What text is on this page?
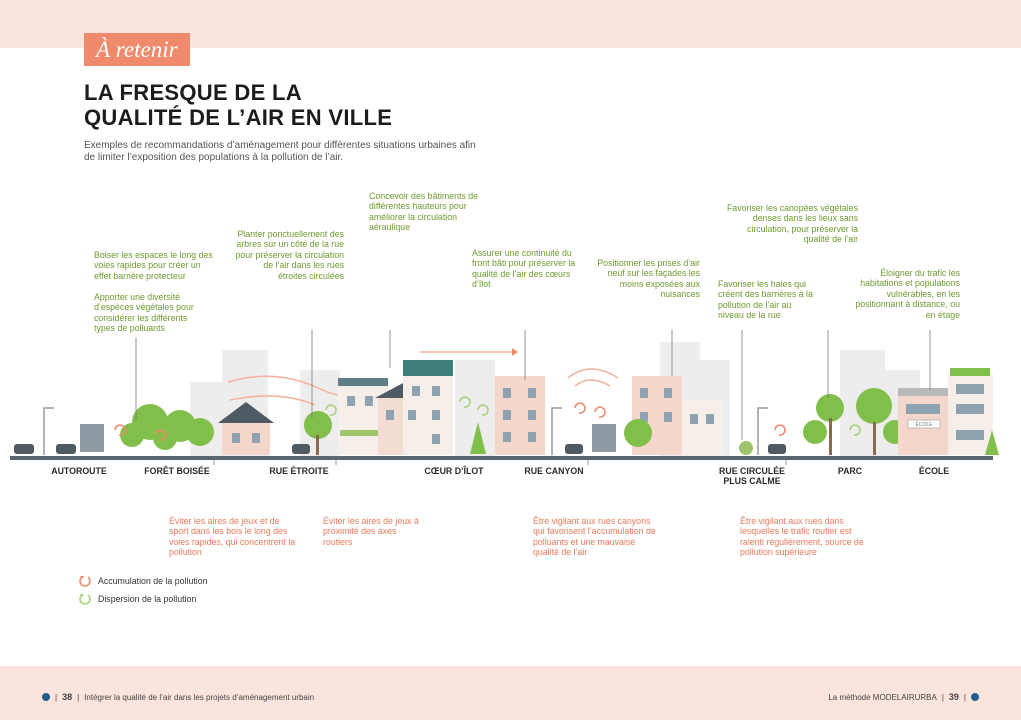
À retenir
LA FRESQUE DE LA
QUALITÉ DE L’AIR EN VILLE
Exemples de recommandations d’aménagement pour différentes situations urbaines afin de limiter l’exposition des populations à la pollution de l’air.
Boiser les espaces le long des voies rapides pour créer un effet barrière protecteur
Apporter une diversité d’espèces végétales pour considérer les différents types de polluants
Planter ponctuellement des arbres sur un côté de la rue pour préserver la circulation de l’air dans les rues étroites circulées
Concevoir des bâtiments de différentes hauteurs pour améliorer la circulation aéraulique
Assurer une continuité du front bâti pour préserver la qualité de l’air des cœurs d’îlot
Positionner les prises d’air neuf sur les façades les moins exposées aux nuisances
Favoriser les haies qui créent des barrières à la pollution de l’air au niveau de la rue
Favoriser les canopées végétales denses dans les lieux sans circulation, pour préserver la qualité de l’air
Éloigner du trafic les habitations et populations vulnérables, en les positionnant à distance, ou en étage
Éviter les aires de jeux et de sport dans les bois le long des voies rapides, qui concentrent la pollution
Éviter les aires de jeux à proximité des axes routiers
Être vigilant aux rues canyons qui favorisent l’accumulation de polluants et une mauvaise qualité de l’air
Être vigilant aux rues dans lesquelles le trafic routier est ralenti régulièrement, source de pollution supérieure
ÉCOLE
AUTOROUTE	FORÊT BOISÉE	RUE ÉTROITE	CŒUR D’ÎLOT	RUE CANYON	RUE CIRCULÉE
PLUS CALME
PARC	ÉCOLE
Accumulation de la pollution
Dispersion de la pollution
| 38 | Intégrer la qualité de l’air dans les projets d’aménagement urbain	La méthode MODELAIRURBA | 39 |
